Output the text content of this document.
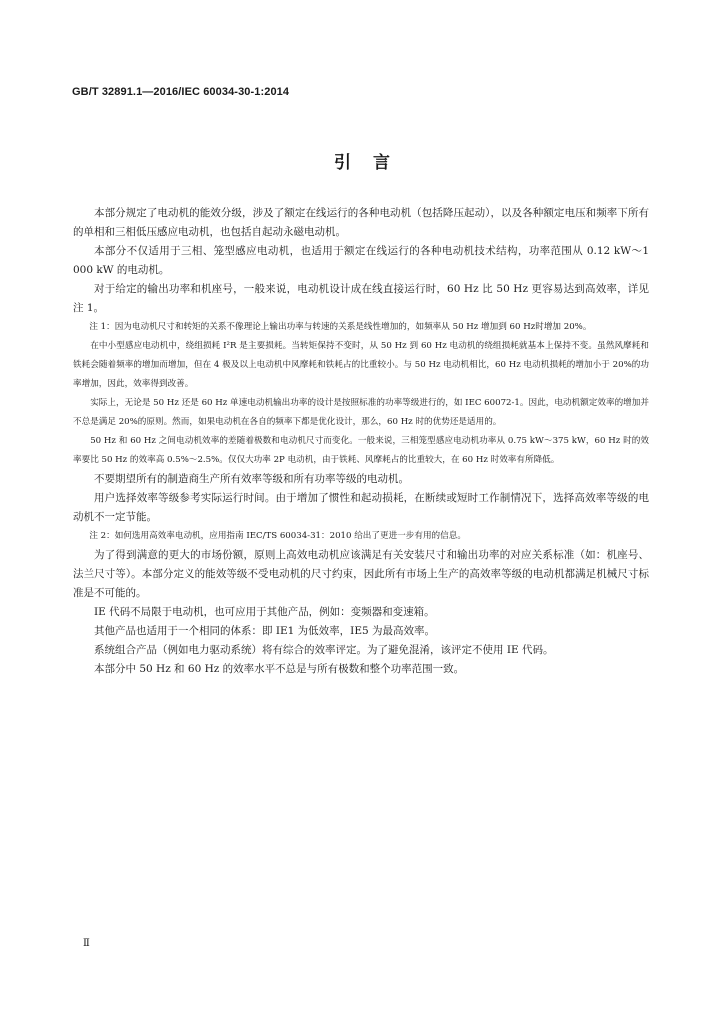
GB/T 32891.1—2016/IEC 60034-30-1:2014
引言

本部分规定了电动机的能效分级，涉及了额定在线运行的各种电动机（包括降压起动），以及各种额定电压和频率下所有的单相和三相低压感应电动机，也包括自起动永磁电动机。

本部分不仅适用于三相、笼型感应电动机，也适用于额定在线运行的各种电动机技术结构，功率范围从 0.12 kW～1 000 kW 的电动机。

对于给定的输出功率和机座号，一般来说，电动机设计成在线直接运行时，60 Hz 比 50 Hz 更容易达到高效率，详见注 1。

注 1：因为电动机尺寸和转矩的关系不像理论上输出功率与转速的关系是线性增加的，如频率从 50 Hz 增加到 60 Hz时增加 20%。

在中小型感应电动机中，绕组损耗 I²R 是主要损耗。当转矩保持不变时，从 50 Hz 到 60 Hz 电动机的绕组损耗就基本上保持不变。虽然风摩耗和铁耗会随着频率的增加而增加，但在 4 极及以上电动机中风摩耗和铁耗占的比重较小。与 50 Hz 电动机相比，60 Hz 电动机损耗的增加小于 20%的功率增加，因此，效率得到改善。

实际上，无论是 50 Hz 还是 60 Hz 单速电动机输出功率的设计是按照标准的功率等级进行的，如 IEC 60072-1。因此，电动机额定效率的增加并不总是满足 20%的原则。然而，如果电动机在各自的频率下都是优化设计，那么，60 Hz 时的优势还是适用的。

50 Hz 和 60 Hz 之间电动机效率的差随着极数和电动机尺寸而变化。一般来说，三相笼型感应电动机功率从 0.75 kW～375 kW，60 Hz 时的效率要比 50 Hz 的效率高 0.5%～2.5%。仅仅大功率 2P 电动机，由于铁耗、风摩耗占的比重较大，在 60 Hz 时效率有所降低。

不要期望所有的制造商生产所有效率等级和所有功率等级的电动机。

用户选择效率等级参考实际运行时间。由于增加了惯性和起动损耗，在断续或短时工作制情况下，选择高效率等级的电动机不一定节能。

注 2：如何选用高效率电动机，应用指南 IEC/TS 60034-31：2010 给出了更进一步有用的信息。

为了得到满意的更大的市场份额，原则上高效电动机应该满足有关安装尺寸和输出功率的对应关系标准（如：机座号、法兰尺寸等）。本部分定义的能效等级不受电动机的尺寸约束，因此所有市场上生产的高效率等级的电动机都满足机械尺寸标准是不可能的。

IE 代码不局限于电动机，也可应用于其他产品，例如：变频器和变速箱。

其他产品也适用于一个相同的体系：即 IE1 为低效率，IE5 为最高效率。

系统组合产品（例如电力驱动系统）将有综合的效率评定。为了避免混淆，该评定不使用 IE 代码。

本部分中 50 Hz 和 60 Hz 的效率水平不总是与所有极数和整个功率范围一致。

Ⅱ
